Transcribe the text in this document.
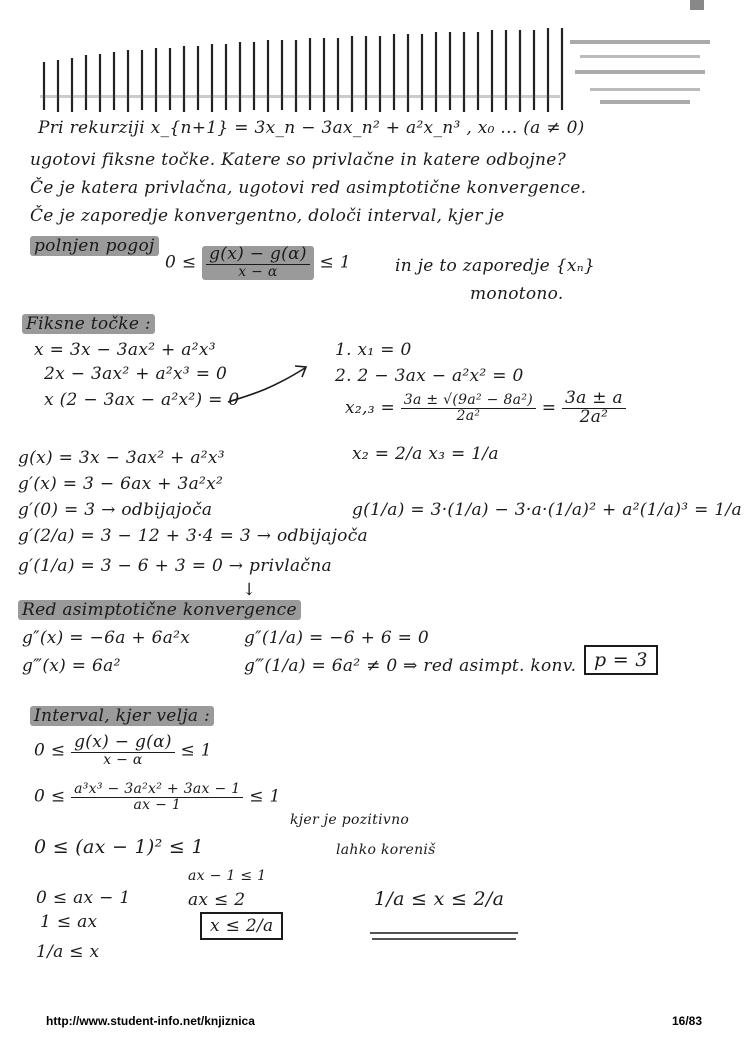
Pri rekurziji x_{n+1} = 3x_n − 3ax_n² + a²x_n³ , x₀ ... (a ≠ 0)
ugotovi fiksne točke. Katere so privlačne in katere odbojne?
Če je katera privlačna, ugotovi red asimptotične konvergence.
Če je zaporedje konvergentno, določi interval, kjer je
polnjen pogoj
$0 \le \frac{g(x) - g(\alpha)}{x - \alpha} \le 1$	in je to zaporedje {xₙ}
monotono.
Fiksne točke :
x = 3x − 3ax² + a²x³
2x − 3ax² + a²x³ = 0
x (2 − 3ax − a²x²) = 0
1. x₁ = 0
2. 2 − 3ax − a²x² = 0
$x_2,_3 = \frac{\text{3a ± √(9a² − 8a²)}}{\text{2a²}} = \frac{3a \pm a}{\text{2a²}}$
x₂ = 2/a x₃ = 1/a
g(x) = 3x − 3ax² + a²x³
g′(x) = 3 − 6ax + 3a²x²
g′(0) = 3 → odbijajoča
g′(2/a) = 3 − 12 + 3·4 = 3 → odbijajoča
g′(1/a) = 3 − 6 + 3 = 0 → privlačna
g(1/a) = 3·(1/a) − 3·a·(1/a)² + a²(1/a)³ = 1/a
↓
Red asimptotične konvergence
g″(x) = −6a + 6a²x	g″(1/a) = −6 + 6 = 0
g‴(x) = 6a²	g‴(1/a) = 6a² ≠ 0 ⇒ red asimpt. konv. p = 3
Interval, kjer velja :
$0 \le \frac{g(x) - g(\alpha)}{x - \alpha} \le 1$
$0 \le \frac{\text{a³x³ − 3a²x² + 3ax − 1}}{ax - 1} \le 1$
0 ≤ (ax − 1)² ≤ 1
kjer je pozitivno
lahko koreniš
ax − 1 ≤ 1
ax ≤ 2
x ≤ 2/a
0 ≤ ax − 1
1 ≤ ax
1/a ≤ x
1/a ≤ x ≤ 2/a
http://www.student-info.net/knjiznica	16/83
